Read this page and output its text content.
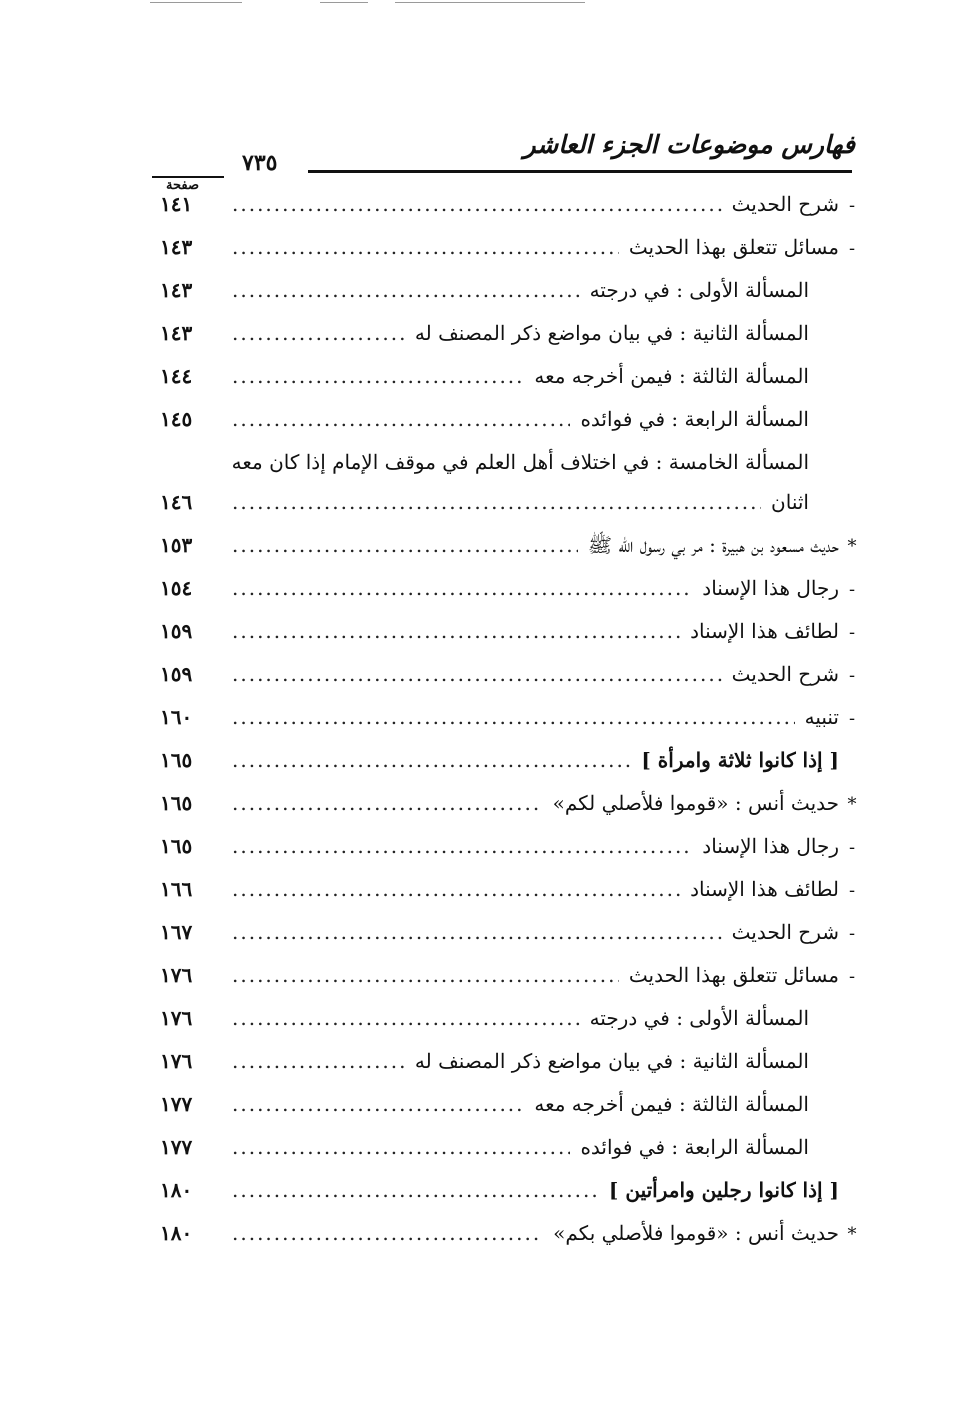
فهارس موضوعات الجزء العاشر
٧٣٥
صفحة
-
شرح الحديث
.....
١٤١
-
مسائل تتعلق بهذا الحديث
.....
١٤٣
المسألة الأولى : في درجته
.....
١٤٣
المسألة الثانية : في بيان مواضع ذكر المصنف له
.....
١٤٣
المسألة الثالثة : فيمن أخرجه معه
.....
١٤٤
المسألة الرابعة : في فوائده
.....
١٤٥
المسألة الخامسة : في اختلاف أهل العلم في موقف الإمام إذا كان معه
اثنان
.....
١٤٦
*
حديث مسعود بن هبيرة : مر بي رسول الله ﷺ
.....
١٥٣
-
رجال هذا الإسناد
.....
١٥٤
-
لطائف هذا الإسناد
.....
١٥٩
-
شرح الحديث
.....
١٥٩
-
تنبيه
.....
١٦٠
[ إذا كانوا ثلاثة وامرأة ]
.....
١٦٥
*
حديث أنس : «قوموا فلأصلي لكم»
.....
١٦٥
-
رجال هذا الإسناد
.....
١٦٥
-
لطائف هذا الإسناد
.....
١٦٦
-
شرح الحديث
.....
١٦٧
-
مسائل تتعلق بهذا الحديث
.....
١٧٦
المسألة الأولى : في درجته
.....
١٧٦
المسألة الثانية : في بيان مواضع ذكر المصنف له
.....
١٧٦
المسألة الثالثة : فيمن أخرجه معه
.....
١٧٧
المسألة الرابعة : في فوائده
.....
١٧٧
[ إذا كانوا رجلين وامرأتين ]
.....
١٨٠
*
حديث أنس : «قوموا فلأصلي بكم»
.....
١٨٠
